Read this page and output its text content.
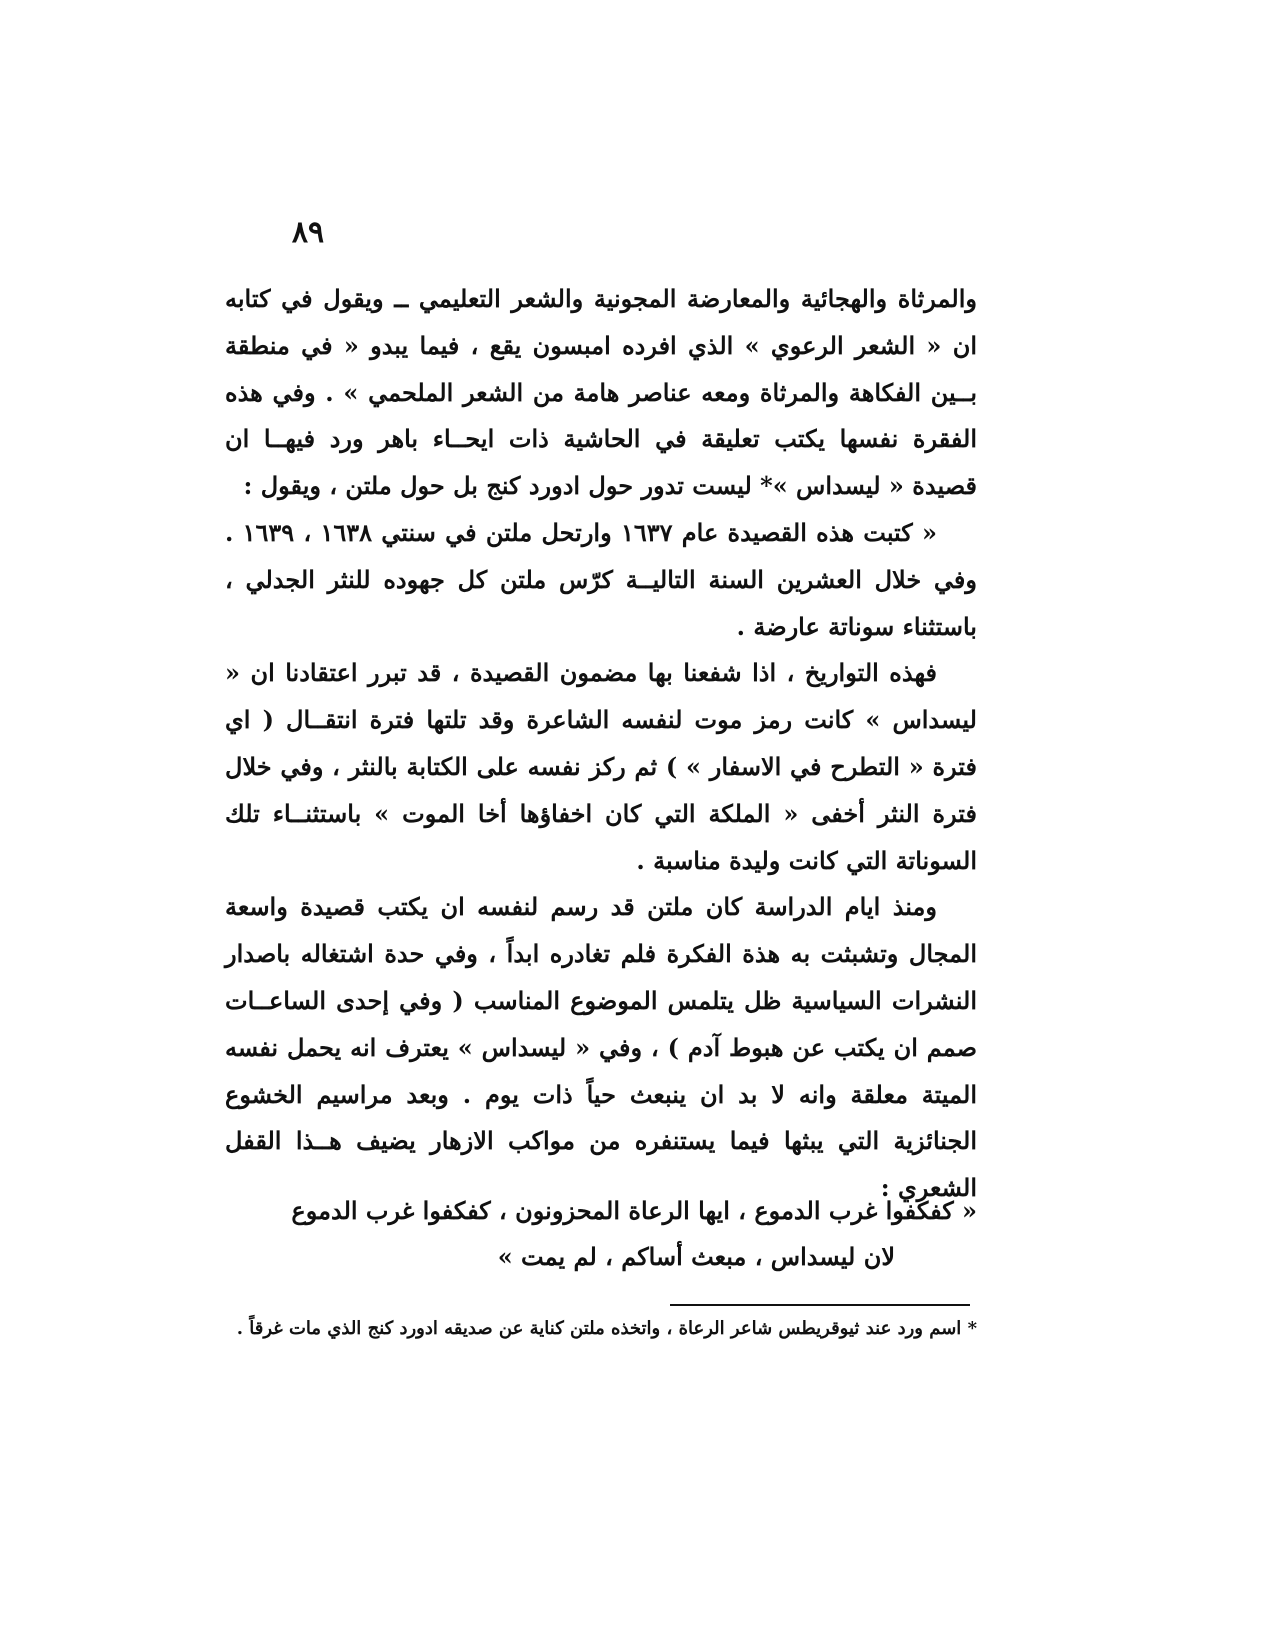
٨٩

والمرثاة والهجائية والمعارضة المجونية والشعر التعليمي ــ ويقول في كتابه ان « الشعر الرعوي » الذي افرده امبسون يقع ، فيما يبدو « في منطقة بــين الفكاهة والمرثاة ومعه عناصر هامة من الشعر الملحمي » . وفي هذه الفقرة نفسها يكتب تعليقة في الحاشية ذات ايحــاء باهر ورد فيهــا ان قصيدة « ليسداس »* ليست تدور حول ادورد كنج بل حول ملتن ، ويقول :

« كتبت هذه القصيدة عام ١٦٣٧ وارتحل ملتن في سنتي ١٦٣٨ ، ١٦٣٩ . وفي خلال العشرين السنة التاليــة كرّس ملتن كل جهوده للنثر الجدلي ، باستثناء سوناتة عارضة .

فهذه التواريخ ، اذا شفعنا بها مضمون القصيدة ، قد تبرر اعتقادنا ان « ليسداس » كانت رمز موت لنفسه الشاعرة وقد تلتها فترة انتقــال ( اي فترة « التطرح في الاسفار » ) ثم ركز نفسه على الكتابة بالنثر ، وفي خلال فترة النثر أخفى « الملكة التي كان اخفاؤها أخا الموت » باستثنــاء تلك السوناتة التي كانت وليدة مناسبة .

ومنذ ايام الدراسة كان ملتن قد رسم لنفسه ان يكتب قصيدة واسعة المجال وتشبثت به هذة الفكرة فلم تغادره ابداً ، وفي حدة اشتغاله باصدار النشرات السياسية ظل يتلمس الموضوع المناسب ( وفي إحدى الساعــات صمم ان يكتب عن هبوط آدم ) ، وفي « ليسداس » يعترف انه يحمل نفسه الميتة معلقة وانه لا بد ان ينبعث حياً ذات يوم . وبعد مراسيم الخشوع الجنائزية التي يبثها فيما يستنفره من مواكب الازهار يضيف هــذا القفل الشعري :

« كفكفوا غرب الدموع ، ايها الرعاة المحزونون ، كفكفوا غرب الدموع
لان ليسداس ، مبعث أساكم ، لم يمت »
* اسم ورد عند ثيوقريطس شاعر الرعاة ، واتخذه ملتن كناية عن صديقه ادورد كنج الذي مات غرقاً .
